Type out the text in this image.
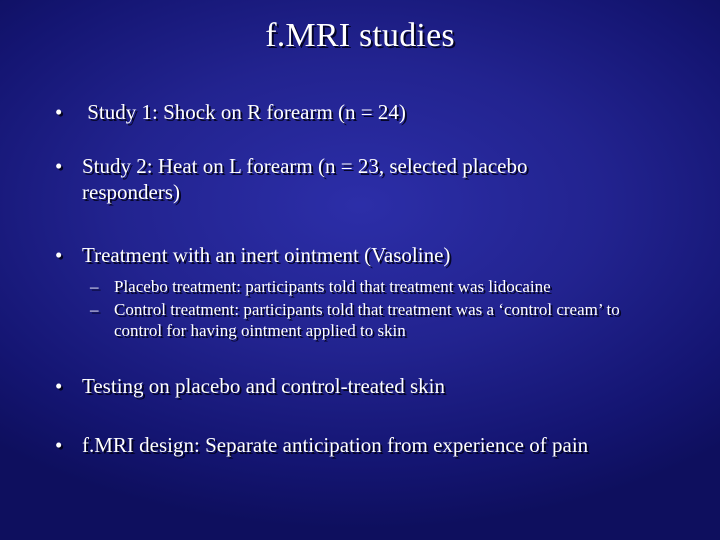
f.MRI studies
• Study 1: Shock on R forearm (n = 24)
• Study 2: Heat on L forearm (n = 23, selected placebo responders)
• Treatment with an inert ointment (Vasoline)
– Placebo treatment: participants told that treatment was lidocaine
– Control treatment: participants told that treatment was a ‘control cream’ to control for having ointment applied to skin
• Testing on placebo and control-treated skin
• f.MRI design: Separate anticipation from experience of pain
